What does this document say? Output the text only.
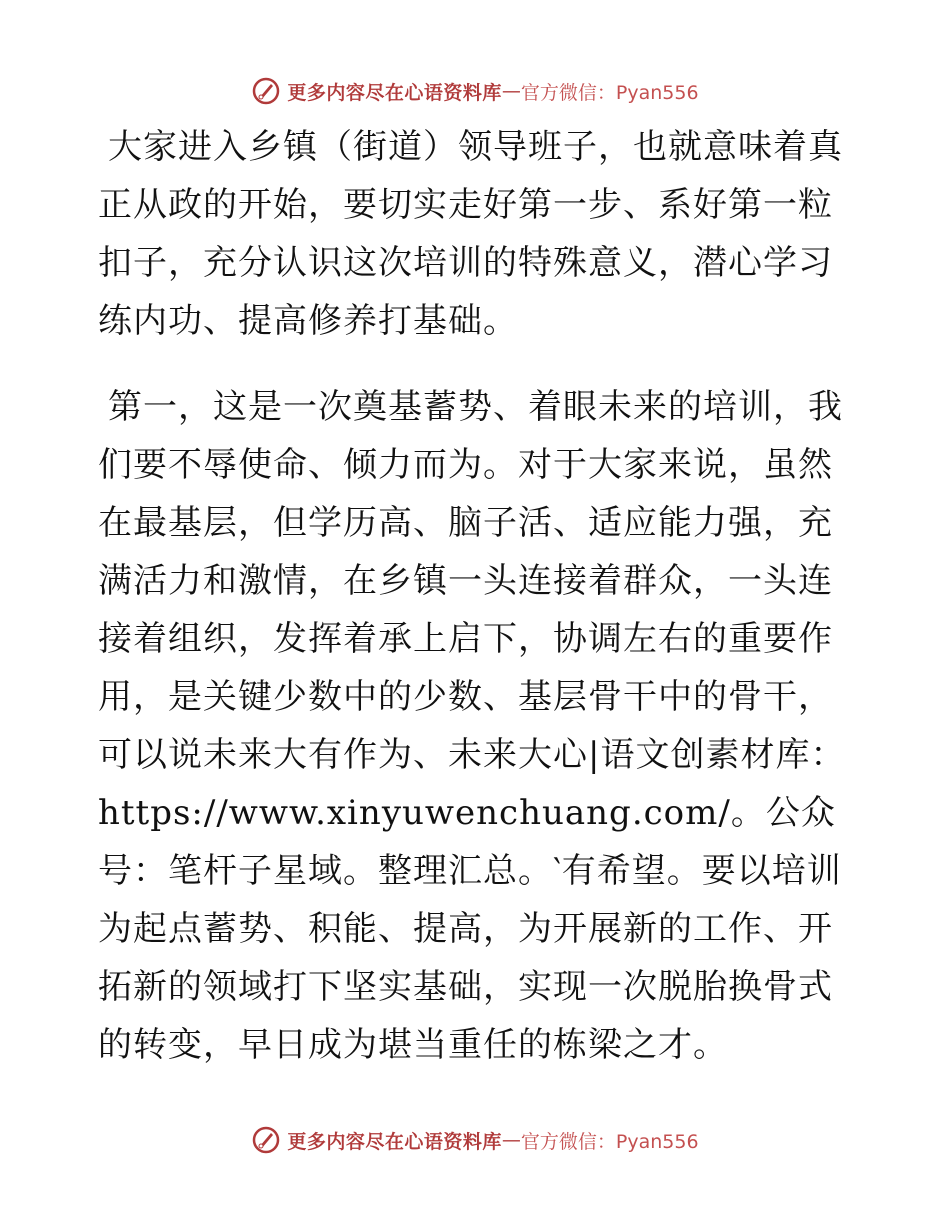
更多内容尽在心语资料库 — 官方微信：Pyan556

大家进入乡镇（街道）领导班子，也就意味着真正从政的开始，要切实走好第一步、系好第一粒扣子，充分认识这次培训的特殊意义，潜心学习练内功、提高修养打基础。

第一，这是一次奠基蓄势、着眼未来的培训，我们要不辱使命、倾力而为。对于大家来说，虽然在最基层，但学历高、脑子活、适应能力强，充满活力和激情，在乡镇一头连接着群众，一头连接着组织，发挥着承上启下，协调左右的重要作用，是关键少数中的少数、基层骨干中的骨干，可以说未来大有作为、未来大心|语文创素材库：https://www.xinyuwenchuang.com/。公众号：笔杆子星域。整理汇总。‵有希望。要以培训为起点蓄势、积能、提高，为开展新的工作、开拓新的领域打下坚实基础，实现一次脱胎换骨式的转变，早日成为堪当重任的栋梁之才。

更多内容尽在心语资料库 — 官方微信：Pyan556
